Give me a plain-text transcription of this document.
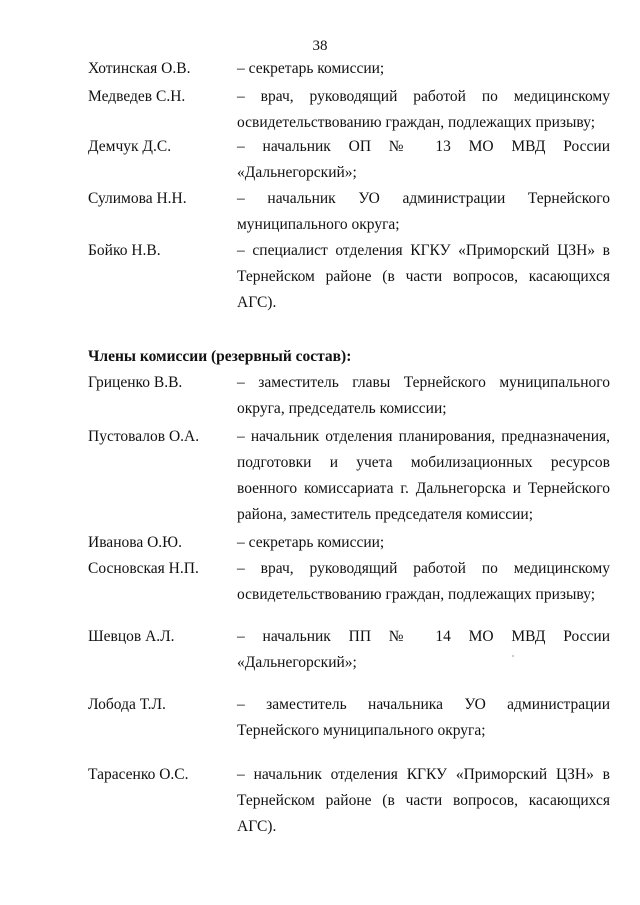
38
Хотинская О.В.	– секретарь комиссии;
Медведев С.Н.	– врач, руководящий работой по медицинскому освидетельствованию граждан, подлежащих призыву;
Демчук Д.С.	– начальник ОП № 13 МО МВД России «Дальнегорский»;
Сулимова Н.Н.	– начальник УО администрации Тернейского муниципального округа;
Бойко Н.В.	– специалист отделения КГКУ «Приморский ЦЗН» в Тернейском районе (в части вопросов, касающихся АГС).
Члены комиссии (резервный состав):
Гриценко В.В.	– заместитель главы Тернейского муниципального округа, председатель комиссии;
Пустовалов О.А. – начальник отделения планирования, предназначения, подготовки и учета мобилизационных ресурсов военного комиссариата г. Дальнегорска и Тернейского района, заместитель председателя комиссии;
Иванова О.Ю.	– секретарь комиссии;
Сосновская Н.П. – врач, руководящий работой по медицинскому освидетельствованию граждан, подлежащих призыву;
Шевцов А.Л.	– начальник ПП № 14 МО МВД России «Дальнегорский»;
Лобода Т.Л.	– заместитель начальника УО администрации Тернейского муниципального округа;
Тарасенко О.С.	– начальник отделения КГКУ «Приморский ЦЗН» в Тернейском районе (в части вопросов, касающихся АГС).
